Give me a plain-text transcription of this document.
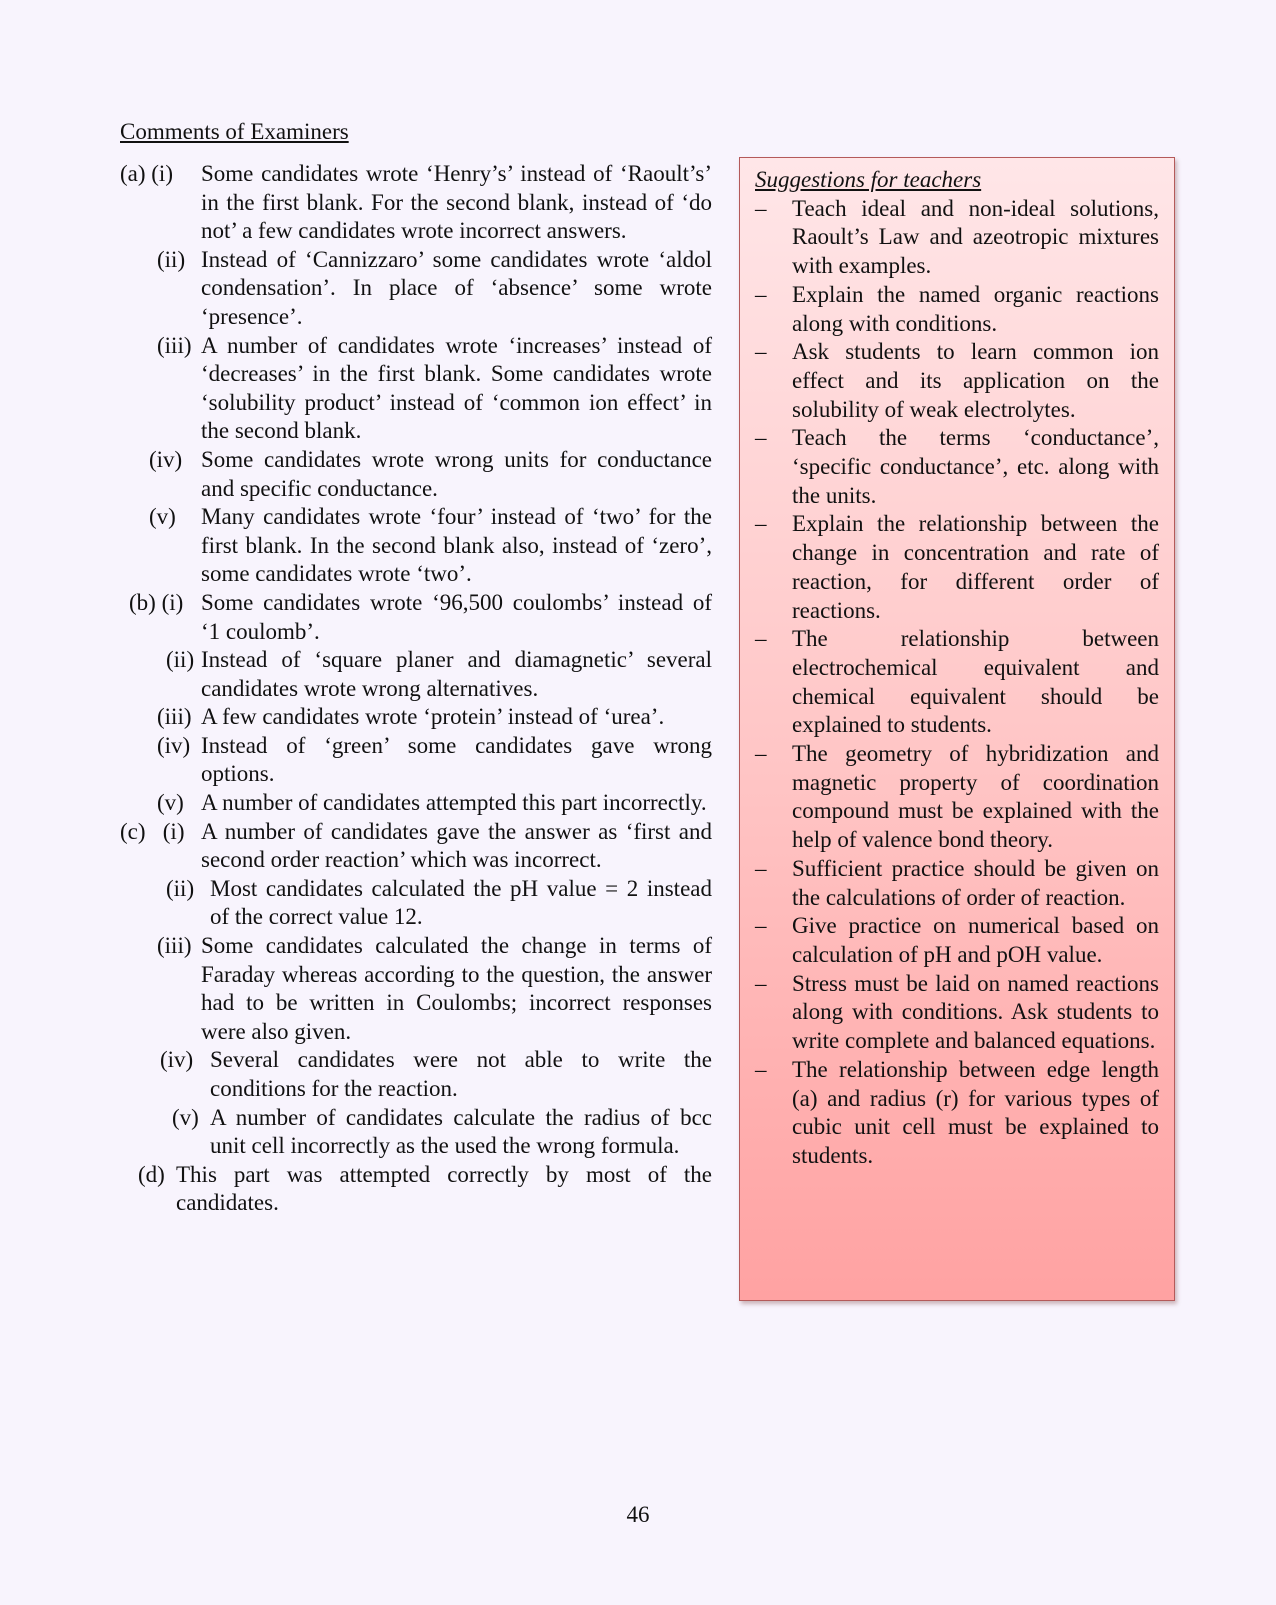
Comments of Examiners
(a) (i) Some candidates wrote ‘Henry’s’ instead of ‘Raoult’s’ in the first blank. For the second blank, instead of ‘do not’ a few candidates wrote incorrect answers.
(ii) Instead of ‘Cannizzaro’ some candidates wrote ‘aldol condensation’. In place of ‘absence’ some wrote ‘presence’.
(iii) A number of candidates wrote ‘increases’ instead of ‘decreases’ in the first blank. Some candidates wrote ‘solubility product’ instead of ‘common ion effect’ in the second blank.
(iv) Some candidates wrote wrong units for conductance and specific conductance.
(v) Many candidates wrote ‘four’ instead of ‘two’ for the first blank. In the second blank also, instead of ‘zero’, some candidates wrote ‘two’.
(b) (i) Some candidates wrote ‘96,500 coulombs’ instead of ‘1 coulomb’.
(ii) Instead of ‘square planer and diamagnetic’ several candidates wrote wrong alternatives.
(iii) A few candidates wrote ‘protein’ instead of ‘urea’.
(iv) Instead of ‘green’ some candidates gave wrong options.
(v) A number of candidates attempted this part incorrectly.
(c)   (i) A number of candidates gave the answer as ‘first and second order reaction’ which was incorrect.
(ii) Most candidates calculated the pH value = 2 instead of the correct value 12.
(iii) Some candidates calculated the change in terms of Faraday whereas according to the question, the answer had to be written in Coulombs; incorrect responses were also given.
(iv) Several candidates were not able to write the conditions for the reaction.
(v) A number of candidates calculate the radius of bcc unit cell incorrectly as the used the wrong formula.
(d) This part was attempted correctly by most of the candidates.
Suggestions for teachers
– Teach ideal and non-ideal solutions, Raoult’s Law and azeotropic mixtures with examples.
– Explain the named organic reactions along with conditions.
– Ask students to learn common ion effect and its application on the solubility of weak electrolytes.
– Teach the terms ‘conductance’, ‘specific conductance’, etc. along with the units.
– Explain the relationship between the change in concentration and rate of reaction, for different order of reactions.
– The relationship between electrochemical equivalent and chemical equivalent should be explained to students.
– The geometry of hybridization and magnetic property of coordination compound must be explained with the help of valence bond theory.
– Sufficient practice should be given on the calculations of order of reaction.
– Give practice on numerical based on calculation of pH and pOH value.
– Stress must be laid on named reactions along with conditions. Ask students to write complete and balanced equations.
– The relationship between edge length (a) and radius (r) for various types of cubic unit cell must be explained to students.
46
